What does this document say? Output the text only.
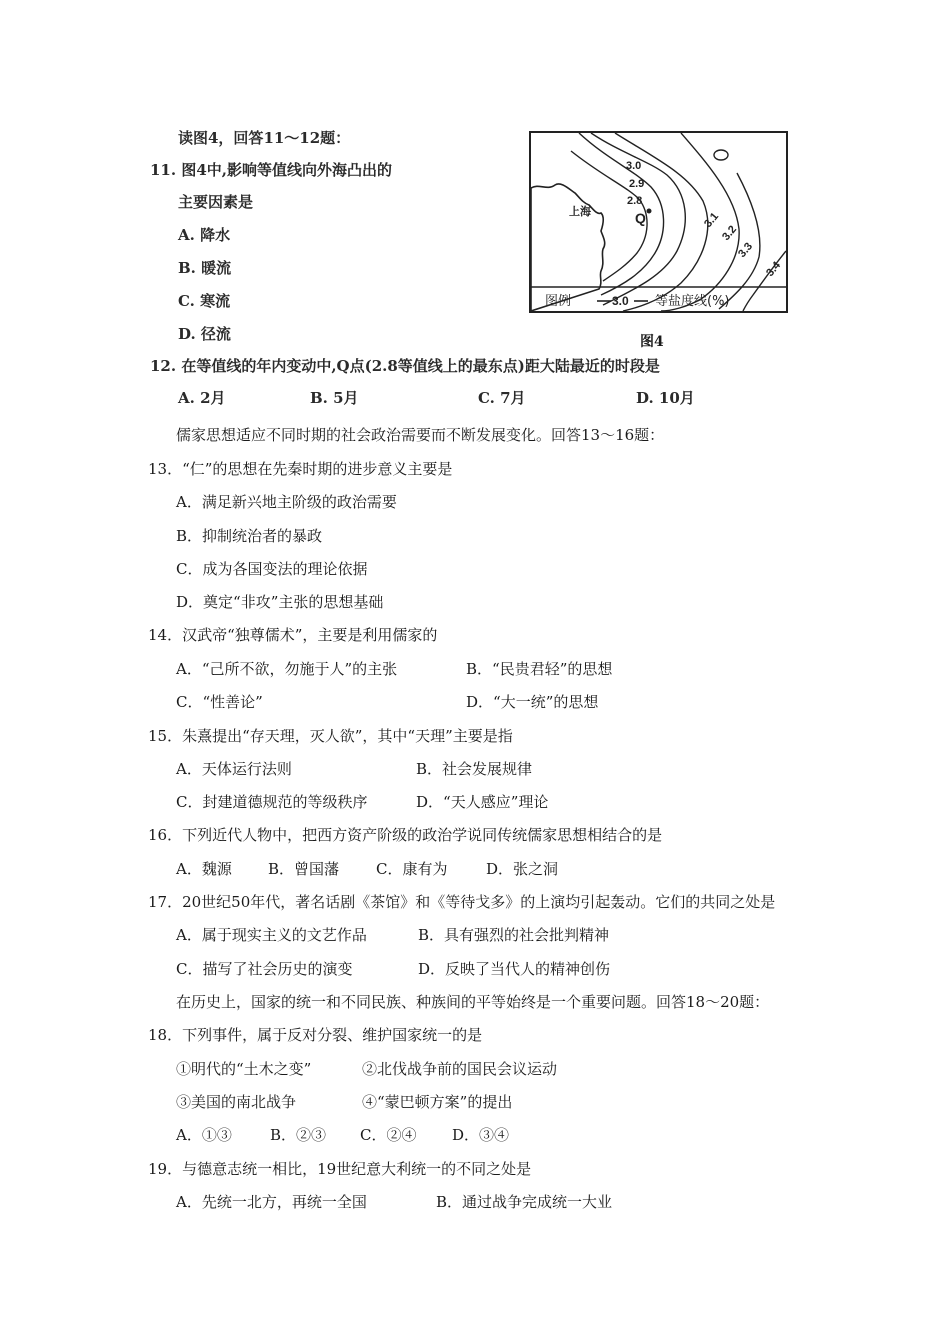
读图4，回答11～12题：
11. 图4中,影响等值线向外海凸出的
主要因素是
A. 降水
B. 暖流
C. 寒流
D. 径流
3.0
2.9
2.8
3.1
3.2
3.3
3.4
上海	Q
图例	3.0 等盐度线(%)
图4
12. 在等值线的年内变动中,Q点(2.8等值线上的最东点)距大陆最近的时段是
A. 2月	B. 5月	C. 7月	D. 10月
儒家思想适应不同时期的社会政治需要而不断发展变化。回答13～16题：
13．“仁”的思想在先秦时期的进步意义主要是
A．满足新兴地主阶级的政治需要
B．抑制统治者的暴政
C．成为各国变法的理论依据
D．奠定“非攻”主张的思想基础
14．汉武帝“独尊儒术”，主要是利用儒家的
A．“己所不欲，勿施于人”的主张	B．“民贵君轻”的思想
C．“性善论”	D．“大一统”的思想
15．朱熹提出“存天理，灭人欲”，其中“天理”主要是指
A．天体运行法则	B．社会发展规律
C．封建道德规范的等级秩序	D．“天人感应”理论
16．下列近代人物中，把西方资产阶级的政治学说同传统儒家思想相结合的是
A．魏源 B．曾国藩 C．康有为	D．张之洞
17．20世纪50年代，著名话剧《茶馆》和《等待戈多》的上演均引起轰动。它们的共同之处是
A．属于现实主义的文艺作品	B．具有强烈的社会批判精神
C．描写了社会历史的演变	D．反映了当代人的精神创伤
在历史上，国家的统一和不同民族、种族间的平等始终是一个重要问题。回答18～20题：
18．下列事件，属于反对分裂、维护国家统一的是
①明代的“土木之变”	②北伐战争前的国民会议运动
③美国的南北战争	④“蒙巴顿方案”的提出
A．①③	B．②③ C．②④ D．③④
19．与德意志统一相比，19世纪意大利统一的不同之处是
A．先统一北方，再统一全国	B．通过战争完成统一大业
